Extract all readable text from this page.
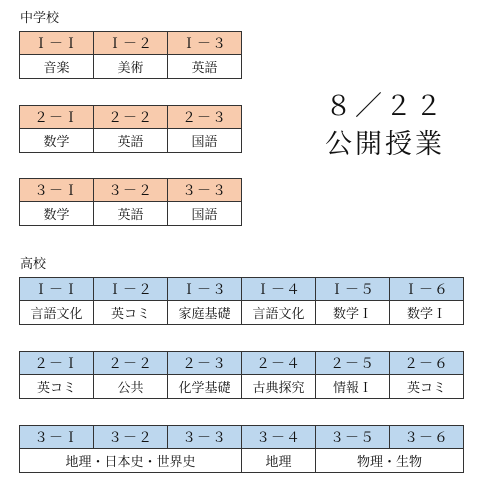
中学校
Ｉ－Ｉ	Ｉ－２	Ｉ－３
音楽	美術	英語
２－Ｉ	２－２	２－３
数学	英語	国語
３－Ｉ	３－２	３－３
数学	英語	国語
８／２２
公開授業
高校
Ｉ－Ｉ	Ｉ－２	Ｉ－３	Ｉ－４	Ｉ－５	Ｉ－６
言語文化	英コミ	家庭基礎	言語文化	数学Ｉ	数学Ｉ
２－Ｉ	２－２	２－３	２－４	２－５	２－６
英コミ	公共	化学基礎	古典探究	情報Ｉ	英コミ
３－Ｉ	３－２	３－３	３－４	３－５	３－６
地理・日本史・世界史			地理	物理・生物	
